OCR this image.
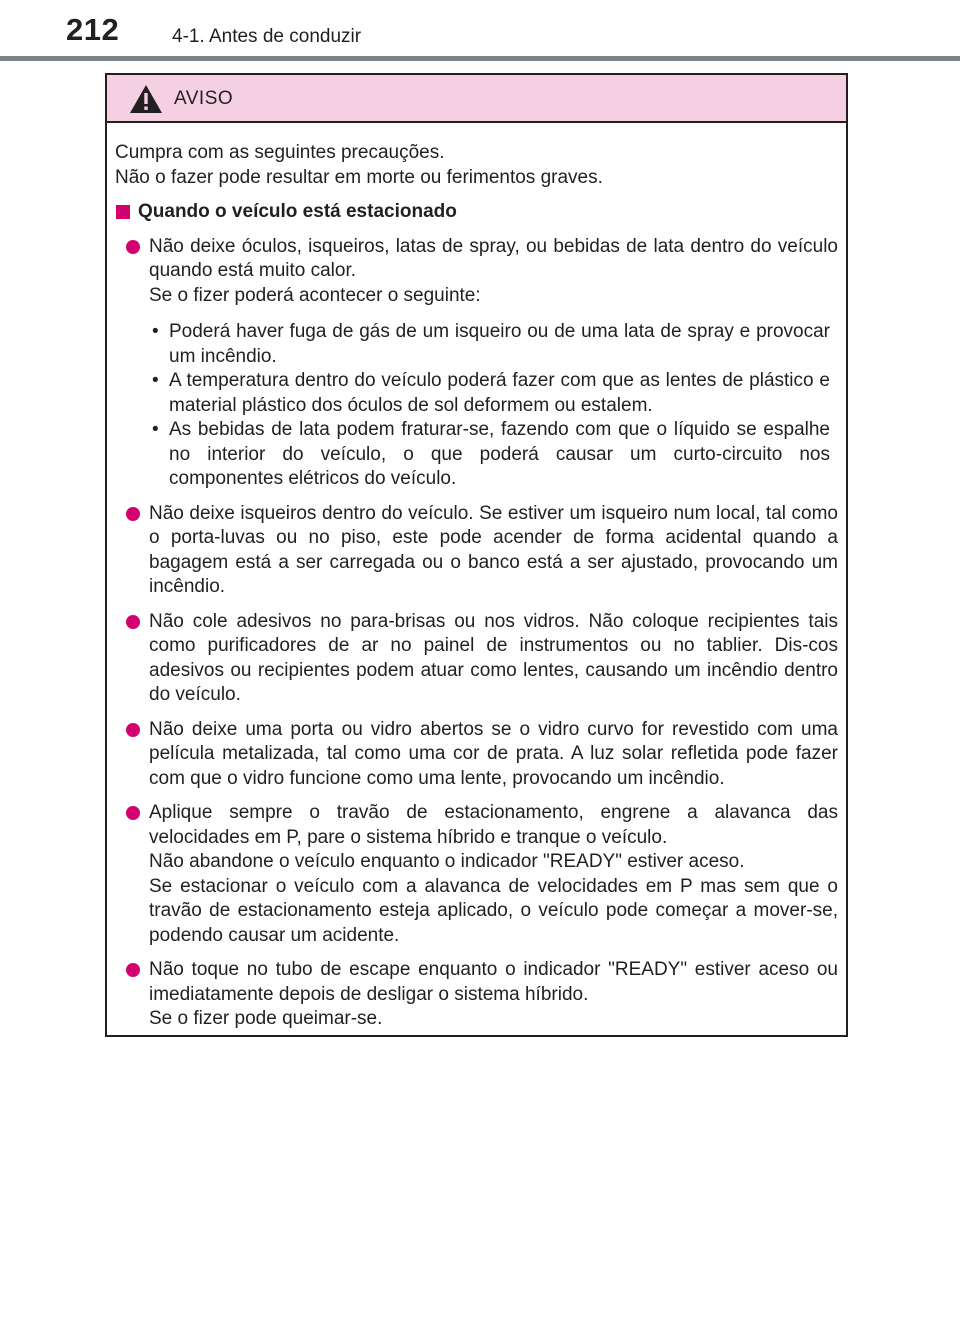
212	4-1. Antes de conduzir
AVISO

Cumpra com as seguintes precauções.

Não o fazer pode resultar em morte ou ferimentos graves.

Quando o veículo está estacionado

Não deixe óculos, isqueiros, latas de spray, ou bebidas de lata dentro do veículo quando está muito calor.

Se o fizer poderá acontecer o seguinte:

• Poderá haver fuga de gás de um isqueiro ou de uma lata de spray e provocar um incêndio.
• A temperatura dentro do veículo poderá fazer com que as lentes de plástico e material plástico dos óculos de sol deformem ou estalem.
• As bebidas de lata podem fraturar-se, fazendo com que o líquido se espalhe no interior do veículo, o que poderá causar um curto-circuito nos componentes elétricos do veículo.

Não deixe isqueiros dentro do veículo. Se estiver um isqueiro num local, tal como o porta-luvas ou no piso, este pode acender de forma acidental quando a bagagem está a ser carregada ou o banco está a ser ajustado, provocando um incêndio.

Não cole adesivos no para-brisas ou nos vidros. Não coloque recipientes tais como purificadores de ar no painel de instrumentos ou no tablier. Dis-cos adesivos ou recipientes podem atuar como lentes, causando um incêndio dentro do veículo.

Não deixe uma porta ou vidro abertos se o vidro curvo for revestido com uma película metalizada, tal como uma cor de prata. A luz solar refletida pode fazer com que o vidro funcione como uma lente, provocando um incêndio.

Aplique sempre o travão de estacionamento, engrene a alavanca das velocidades em P, pare o sistema híbrido e tranque o veículo.

Não abandone o veículo enquanto o indicador "READY" estiver aceso.

Se estacionar o veículo com a alavanca de velocidades em P mas sem que o travão de estacionamento esteja aplicado, o veículo pode começar a mover-se, podendo causar um acidente.

Não toque no tubo de escape enquanto o indicador "READY" estiver aceso ou imediatamente depois de desligar o sistema híbrido.

Se o fizer pode queimar-se.
